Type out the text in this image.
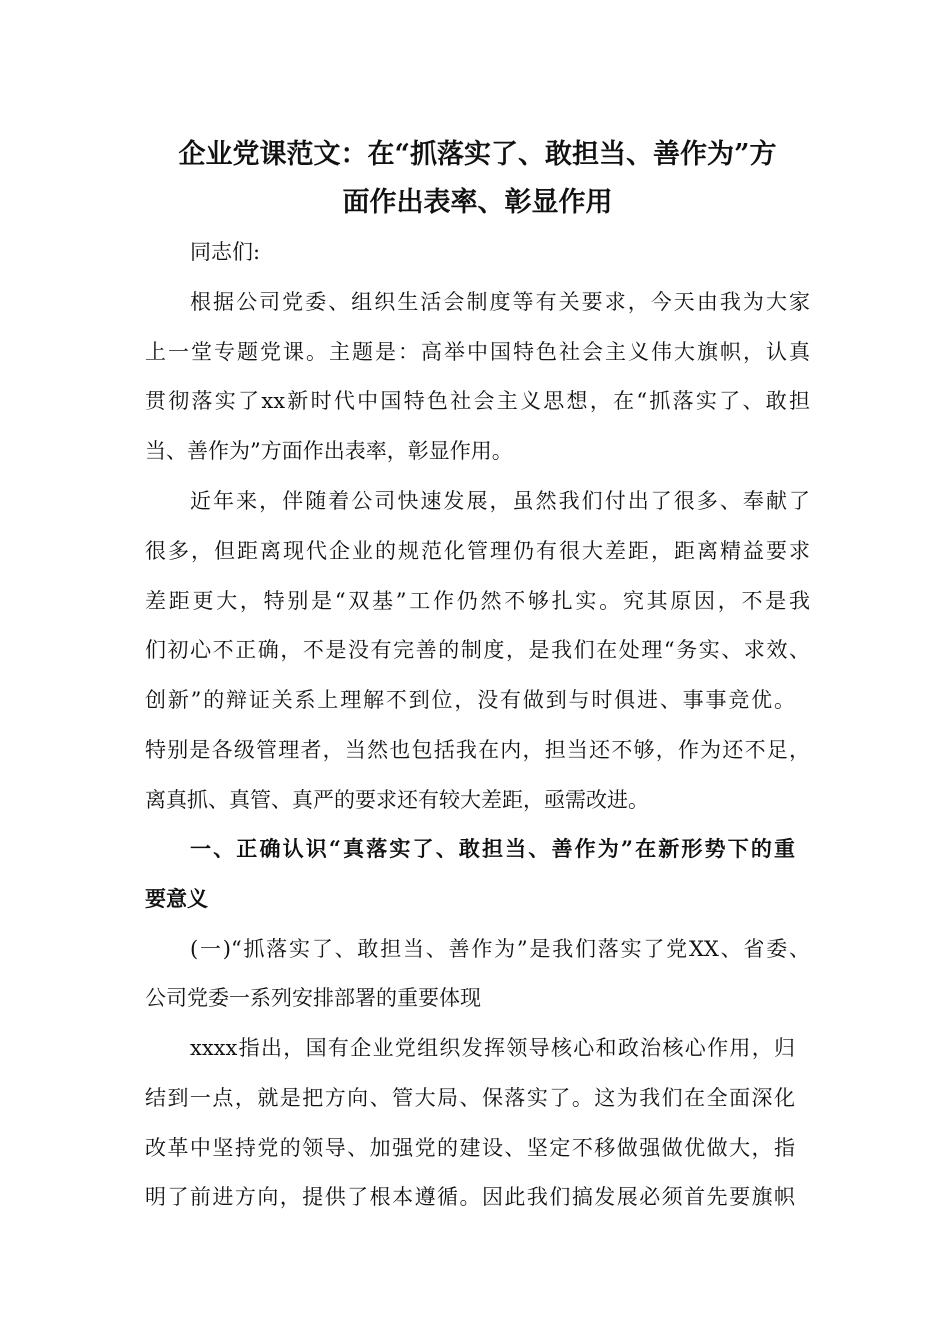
企业党课范文：在“抓落实了、敢担当、善作为”方
面作出表率、彰显作用

同志们:

根据公司党委、组织生活会制度等有关要求，今天由我为大家

上一堂专题党课。主题是：高举中国特色社会主义伟大旗帜，认真

贯彻落实了xx新时代中国特色社会主义思想，在“抓落实了、敢担

当、善作为”方面作出表率，彰显作用。

近年来，伴随着公司快速发展，虽然我们付出了很多、奉献了

很多，但距离现代企业的规范化管理仍有很大差距，距离精益要求

差距更大，特别是“双基”工作仍然不够扎实。究其原因，不是我

们初心不正确，不是没有完善的制度，是我们在处理“务实、求效、

创新”的辩证关系上理解不到位，没有做到与时俱进、事事竞优。

特别是各级管理者，当然也包括我在内，担当还不够，作为还不足，

离真抓、真管、真严的要求还有较大差距，亟需改进。

一、正确认识“真落实了、敢担当、善作为”在新形势下的重

要意义

(一)“抓落实了、敢担当、善作为”是我们落实了党XX、省委、

公司党委一系列安排部署的重要体现

xxxx指出，国有企业党组织发挥领导核心和政治核心作用，归

结到一点，就是把方向、管大局、保落实了。这为我们在全面深化

改革中坚持党的领导、加强党的建设、坚定不移做强做优做大，指

明了前进方向，提供了根本遵循。因此我们搞发展必须首先要旗帜
